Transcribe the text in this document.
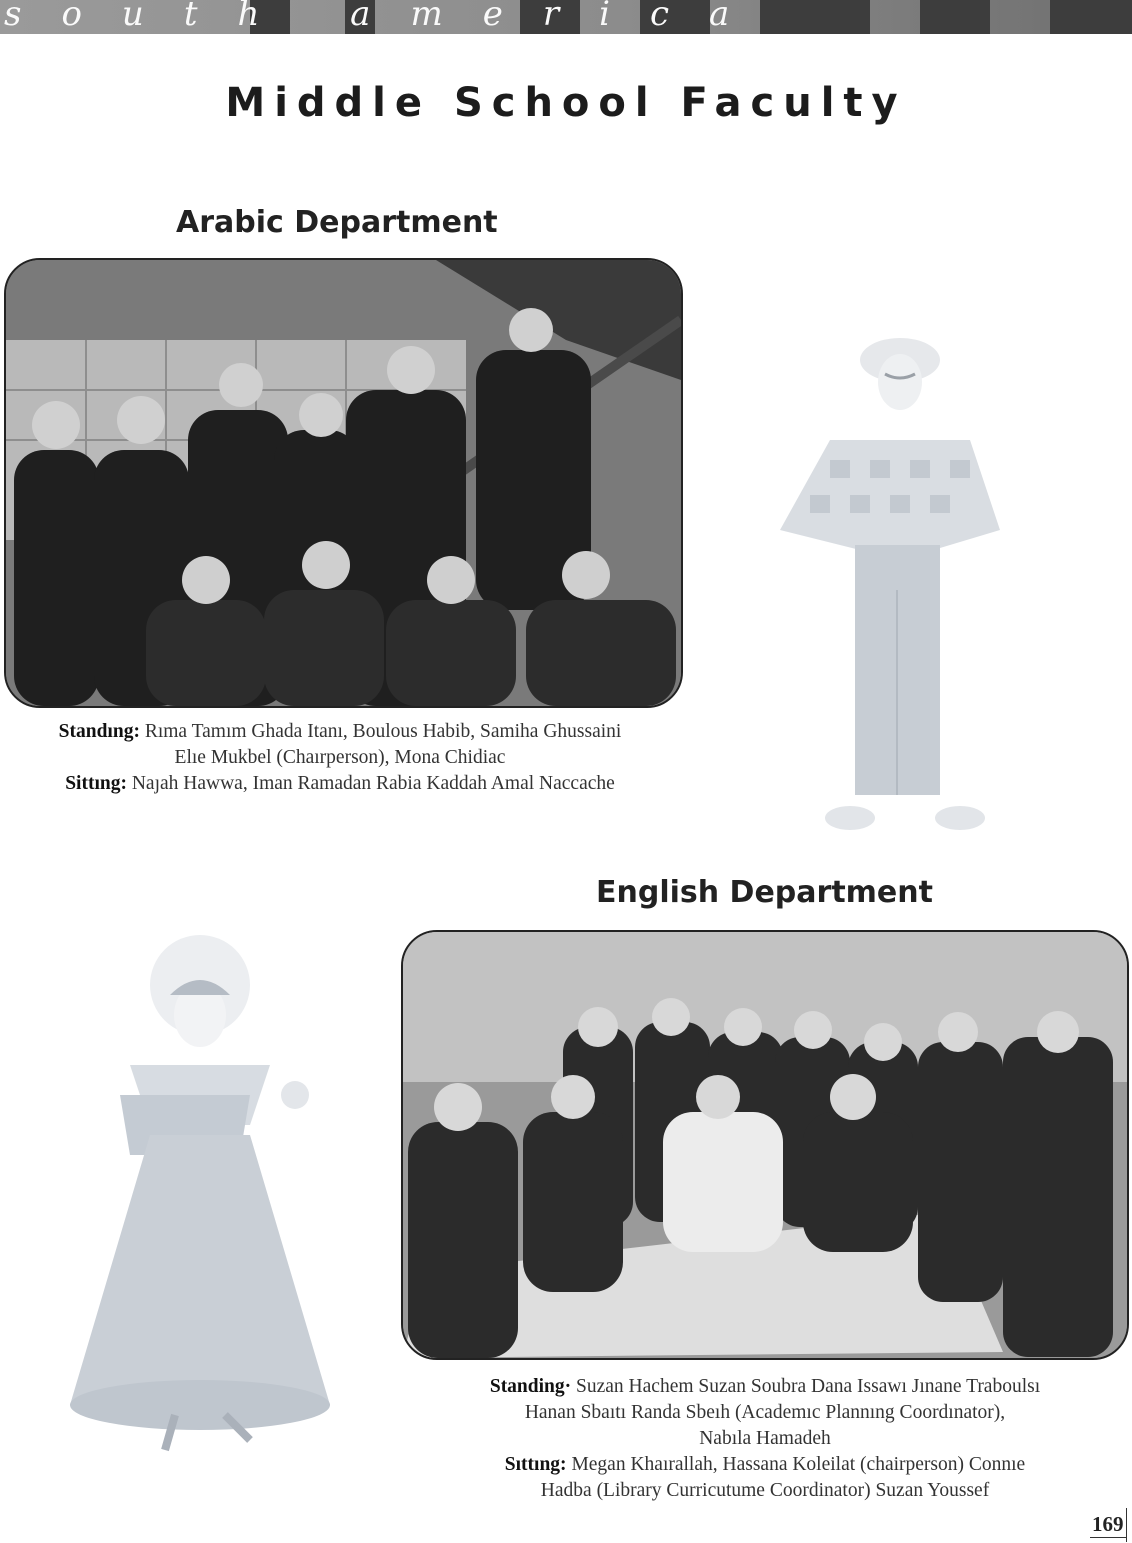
south america
Middle School Faculty
Arabic Department
Standıng: Rıma Tamım Ghada Itanı, Boulous Habib, Samiha Ghussaini
Elıe Mukbel (Chaırperson), Mona Chidiac
Sittıng: Naȷah Hawwa, Iman Ramadan Rabia Kaddah Amal Naccache
English Department
Standing· Suzan Hachem Suzan Soubra Dana Issawı Jınane Traboulsı
Hanan Sbaıtı Randa Sbeıh (Academıc Plannıng Coordınator),
Nabıla Hamadeh
Sıttıng: Megan Khaırallah, Hassana Koleilat (chairperson) Connıe
Hadba (Library Curricutume Coordinator) Suzan Youssef
169
